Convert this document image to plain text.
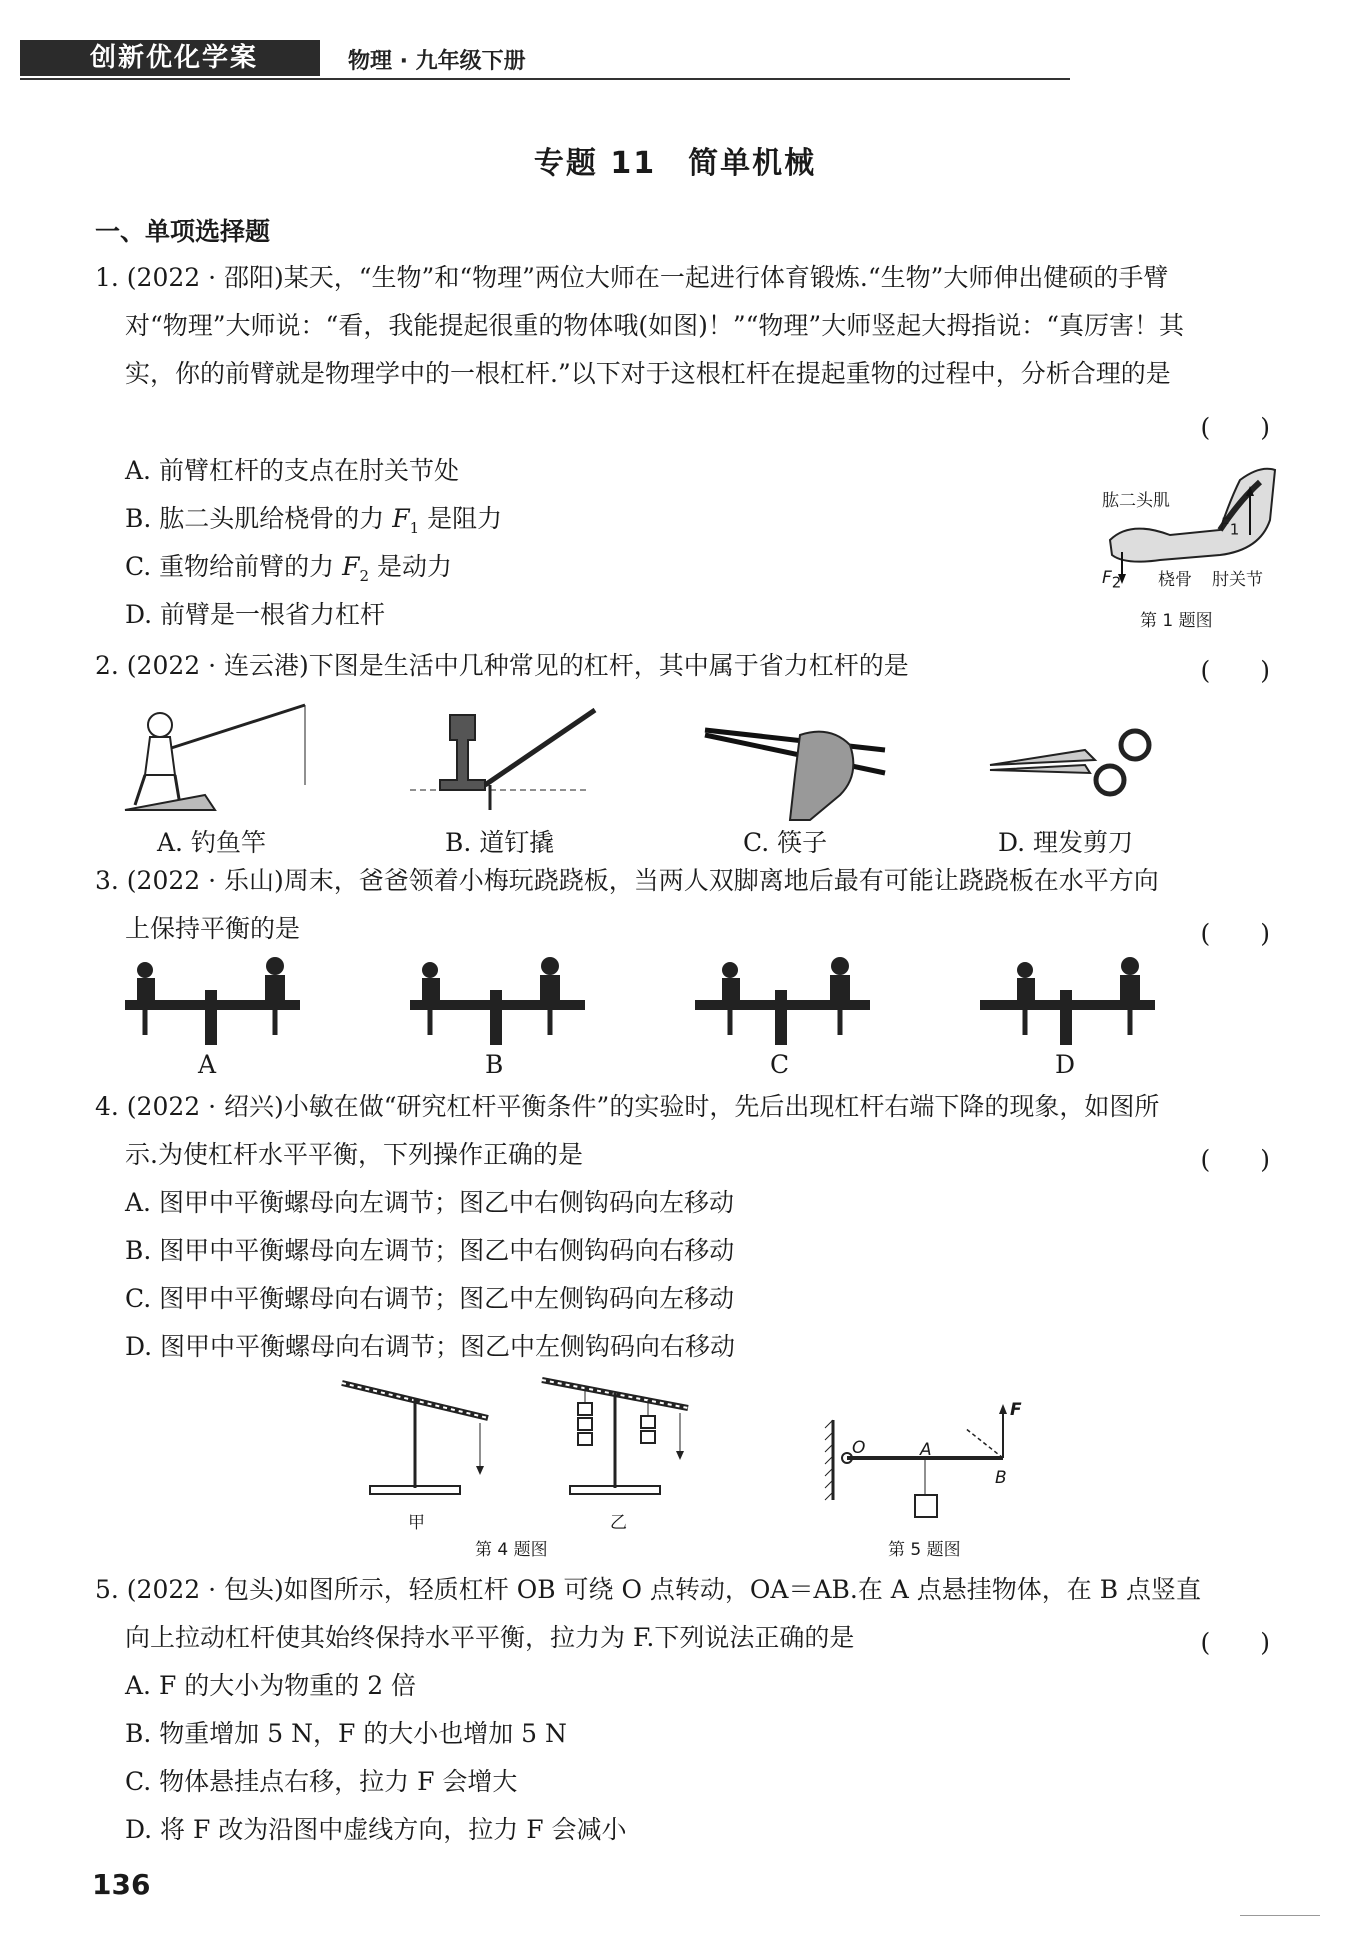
创新优化学案	物理 · 九年级下册
专题 11　简单机械
一、单项选择题
1. (2022 · 邵阳)某天，“生物”和“物理”两位大师在一起进行体育锻炼.“生物”大师伸出健硕的手臂
对“物理”大师说：“看，我能提起很重的物体哦(如图)！”“物理”大师竖起大拇指说：“真厉害！其
实，你的前臂就是物理学中的一根杠杆.”以下对于这根杠杆在提起重物的过程中，分析合理的是
(　　)
A. 前臂杠杆的支点在肘关节处
B. 肱二头肌给桡骨的力 $F_1$ 是阻力
C. 重物给前臂的力 $F_2$ 是动力
D. 前臂是一根省力杠杆
肱二头肌
$F_1$
$F_2$ 桡骨 肘关节
第 1 题图
2. (2022 · 连云港)下图是生活中几种常见的杠杆，其中属于省力杠杆的是	(　　)
A. 钓鱼竿	B. 道钉撬	C. 筷子	D. 理发剪刀
3. (2022 · 乐山)周末，爸爸领着小梅玩跷跷板，当两人双脚离地后最有可能让跷跷板在水平方向
上保持平衡的是	(　　)
A	B	C	D
4. (2022 · 绍兴)小敏在做“研究杠杆平衡条件”的实验时，先后出现杠杆右端下降的现象，如图所
示.为使杠杆水平平衡，下列操作正确的是	(　　)
A. 图甲中平衡螺母向左调节；图乙中右侧钩码向左移动
B. 图甲中平衡螺母向左调节；图乙中右侧钩码向右移动
C. 图甲中平衡螺母向右调节；图乙中左侧钩码向左移动
D. 图甲中平衡螺母向右调节；图乙中左侧钩码向右移动
甲	乙
第 4 题图
O	A
B
F
第 5 题图
5. (2022 · 包头)如图所示，轻质杠杆 OB 可绕 O 点转动，OA＝AB.在 A 点悬挂物体，在 B 点竖直
向上拉动杠杆使其始终保持水平平衡，拉力为 F.下列说法正确的是	(　　)
A. F 的大小为物重的 2 倍
B. 物重增加 5 N，F 的大小也增加 5 N
C. 物体悬挂点右移，拉力 F 会增大
D. 将 F 改为沿图中虚线方向，拉力 F 会减小
136
